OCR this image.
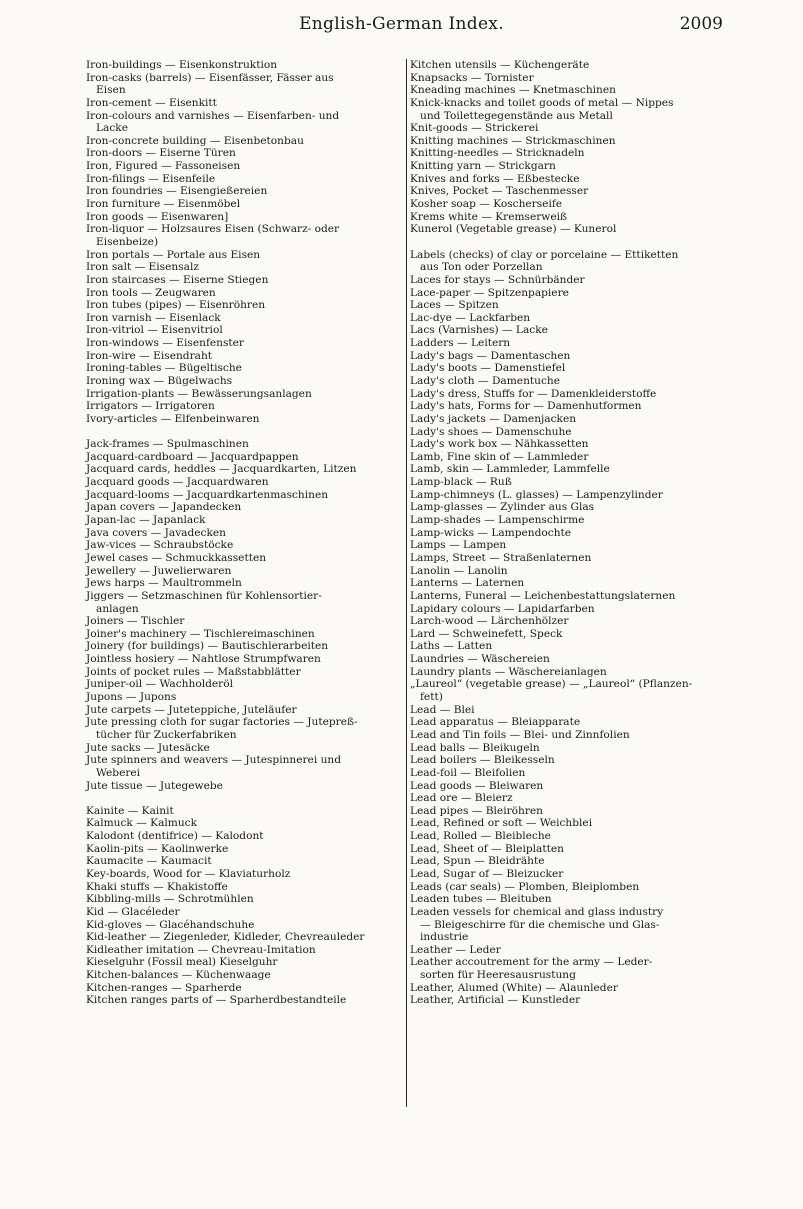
English-German Index.	2009
Iron-buildings — Eisenkonstruktion
Iron-casks (barrels) — Eisenfässer, Fässer aus
Eisen
Iron-cement — Eisenkitt
Iron-colours and varnishes — Eisenfarben- und
Lacke
Iron-concrete building — Eisenbetonbau
Iron-doors — Eiserne Türen
Iron, Figured — Fassoneisen
Iron-filings — Eisenfeile
Iron foundries — Eisengießereien
Iron furniture — Eisenmöbel
Iron goods — Eisenwaren]
Iron-liquor — Holzsaures Eisen (Schwarz- oder
Eisenbeize)
Iron portals — Portale aus Eisen
Iron salt — Eisensalz
Iron staircases — Eiserne Stiegen
Iron tools — Zeugwaren
Iron tubes (pipes) — Eisenröhren
Iron varnish — Eisenlack
Iron-vitriol — Eisenvitriol
Iron-windows — Eisenfenster
Iron-wire — Eisendraht
Ironing-tables — Bügeltische
Ironing wax — Bügelwachs
Irrigation-plants — Bewässerungsanlagen
Irrigators — Irrigatoren
Ivory-articles — Elfenbeinwaren
Jack-frames — Spulmaschinen
Jacquard-cardboard — Jacquardpappen
Jacquard cards, heddles — Jacquardkarten, Litzen
Jacquard goods — Jacquardwaren
Jacquard-looms — Jacquardkartenmaschinen
Japan covers — Japandecken
Japan-lac — Japanlack
Java covers — Javadecken
Jaw-vices — Schraubstöcke
Jewel cases — Schmuckkassetten
Jewellery — Juwelierwaren
Jews harps — Maultrommeln
Jiggers — Setzmaschinen für Kohlensortier-
anlagen
Joiners — Tischler
Joiner's machinery — Tischlereimaschinen
Joinery (for buildings) — Bautischlerarbeiten
Jointless hosiery — Nahtlose Strumpfwaren
Joints of pocket rules — Maßstabblätter
Juniper-oil — Wachholderöl
Jupons — Jupons
Jute carpets — Juteteppiche, Juteläufer
Jute pressing cloth for sugar factories — Jutepreß-
tücher für Zuckerfabriken
Jute sacks — Jutesäcke
Jute spinners and weavers — Jutespinnerei und
Weberei
Jute tissue — Jutegewebe
Kainite — Kainit
Kalmuck — Kalmuck
Kalodont (dentifrice) — Kalodont
Kaolin-pits — Kaolinwerke
Kaumacite — Kaumacit
Key-boards, Wood for — Klaviaturholz
Khaki stuffs — Khakistoffe
Kibbling-mills — Schrotmühlen
Kid — Glacéleder
Kid-gloves — Glacéhandschuhe
Kid-leather — Ziegenleder, Kidleder, Chevreauleder
Kidleather imitation — Chevreau-Imitation
Kieselguhr (Fossil meal) Kieselguhr
Kitchen-balances — Küchenwaage
Kitchen-ranges — Sparherde
Kitchen ranges parts of — Sparherdbestandteile
Kitchen utensils — Küchengeräte
Knapsacks — Tornister
Kneading machines — Knetmaschinen
Knick-knacks and toilet goods of metal — Nippes
und Toilettegegenstände aus Metall
Knit-goods — Strickerei
Knitting machines — Strickmaschinen
Knitting-needles — Stricknadeln
Knitting yarn — Strickgarn
Knives and forks — Eßbestecke
Knives, Pocket — Taschenmesser
Kosher soap — Koscherseife
Krems white — Kremserweiß
Kunerol (Vegetable grease) — Kunerol
Labels (checks) of clay or porcelaine — Ettiketten
aus Ton oder Porzellan
Laces for stays — Schnürbänder
Lace-paper — Spitzenpapiere
Laces — Spitzen
Lac-dye — Lackfarben
Lacs (Varnishes) — Lacke
Ladders — Leitern
Lady's bags — Damentaschen
Lady's boots — Damenstiefel
Lady's cloth — Damentuche
Lady's dress, Stuffs for — Damenkleiderstoffe
Lady's hats, Forms for — Damenhutformen
Lady's jackets — Damenjacken
Lady's shoes — Damenschuhe
Lady's work box — Nähkassetten
Lamb, Fine skin of — Lammleder
Lamb, skin — Lammleder, Lammfelle
Lamp-black — Ruß
Lamp-chimneys (L. glasses) — Lampenzylinder
Lamp-glasses — Zylinder aus Glas
Lamp-shades — Lampenschirme
Lamp-wicks — Lampendochte
Lamps — Lampen
Lamps, Street — Straßenlaternen
Lanolin — Lanolin
Lanterns — Laternen
Lanterns, Funeral — Leichenbestattungslaternen
Lapidary colours — Lapidarfarben
Larch-wood — Lärchenhölzer
Lard — Schweinefett, Speck
Laths — Latten
Laundries — Wäschereien
Laundry plants — Wäschereianlagen
„Laureol“ (vegetable grease) — „Laureol“ (Pflanzen-
fett)
Lead — Blei
Lead apparatus — Bleiapparate
Lead and Tin foils — Blei- und Zinnfolien
Lead balls — Bleikugeln
Lead boilers — Bleikesseln
Lead-foil — Bleifolien
Lead goods — Bleiwaren
Lead ore — Bleierz
Lead pipes — Bleiröhren
Lead, Refined or soft — Weichblei
Lead, Rolled — Bleibleche
Lead, Sheet of — Bleiplatten
Lead, Spun — Bleidrähte
Lead, Sugar of — Bleizucker
Leads (car seals) — Plomben, Bleiplomben
Leaden tubes — Bleituben
Leaden vessels for chemical and glass industry
— Bleigeschirre für die chemische und Glas-
industrie
Leather — Leder
Leather accoutrement for the army — Leder-
sorten für Heeresausrustung
Leather, Alumed (White) — Alaunleder
Leather, Artificial — Kunstleder
